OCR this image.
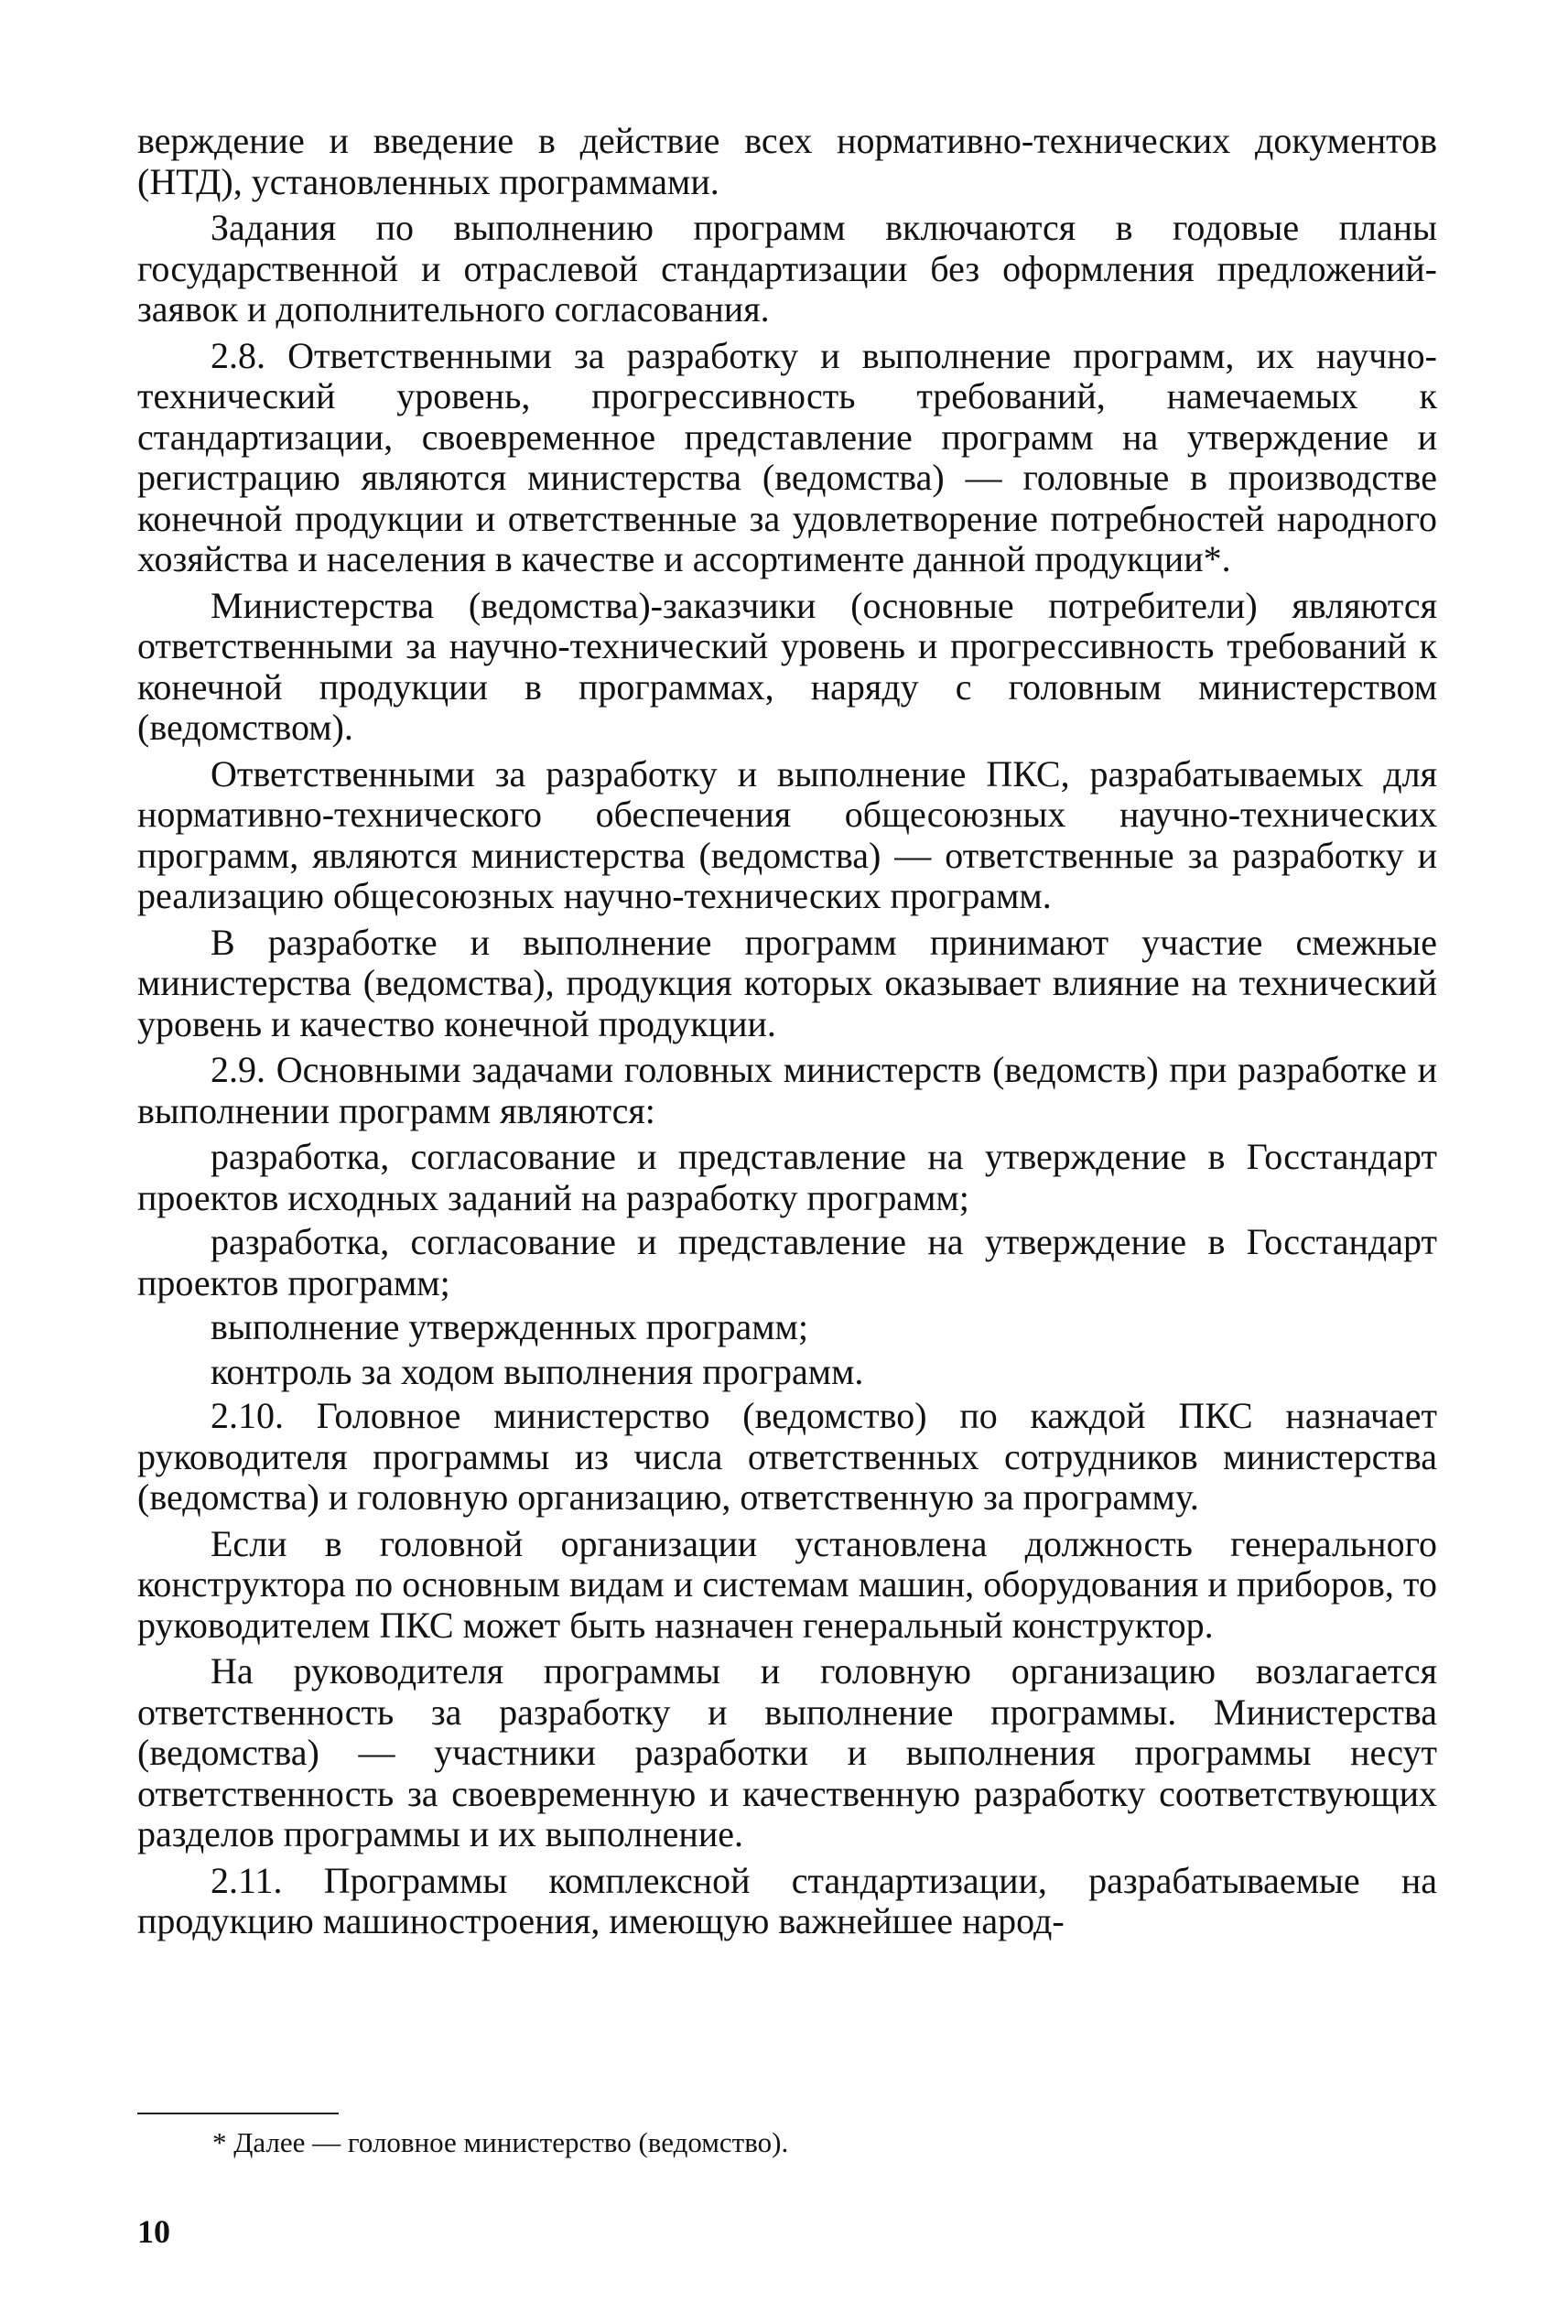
верждение и введение в действие всех нормативно-технических документов (НТД), установленных программами.

Задания по выполнению программ включаются в годовые планы государственной и отраслевой стандартизации без оформления предложений-заявок и дополнительного согласования.

2.8. Ответственными за разработку и выполнение программ, их научно-технический уровень, прогрессивность требований, намечаемых к стандартизации, своевременное представление программ на утверждение и регистрацию являются министерства (ведомства) — головные в производстве конечной продукции и ответственные за удовлетворение потребностей народного хозяйства и населения в качестве и ассортименте данной продукции*.

Министерства (ведомства)-заказчики (основные потребители) являются ответственными за научно-технический уровень и прогрессивность требований к конечной продукции в программах, наряду с головным министерством (ведомством).

Ответственными за разработку и выполнение ПКС, разрабатываемых для нормативно-технического обеспечения общесоюзных научно-технических программ, являются министерства (ведомства) — ответственные за разработку и реализацию общесоюзных научно-технических программ.

В разработке и выполнение программ принимают участие смежные министерства (ведомства), продукция которых оказывает влияние на технический уровень и качество конечной продукции.

2.9. Основными задачами головных министерств (ведомств) при разработке и выполнении программ являются:

разработка, согласование и представление на утверждение в Госстандарт проектов исходных заданий на разработку программ;

разработка, согласование и представление на утверждение в Госстандарт проектов программ;

выполнение утвержденных программ;

контроль за ходом выполнения программ.

2.10. Головное министерство (ведомство) по каждой ПКС назначает руководителя программы из числа ответственных сотрудников министерства (ведомства) и головную организацию, ответственную за программу.

Если в головной организации установлена должность генерального конструктора по основным видам и системам машин, оборудования и приборов, то руководителем ПКС может быть назначен генеральный конструктор.

На руководителя программы и головную организацию возлагается ответственность за разработку и выполнение программы. Министерства (ведомства) — участники разработки и выполнения программы несут ответственность за своевременную и качественную разработку соответствующих разделов программы и их выполнение.

2.11. Программы комплексной стандартизации, разрабатываемые на продукцию машиностроения, имеющую важнейшее народ-

* Далее — головное министерство (ведомство).
10
